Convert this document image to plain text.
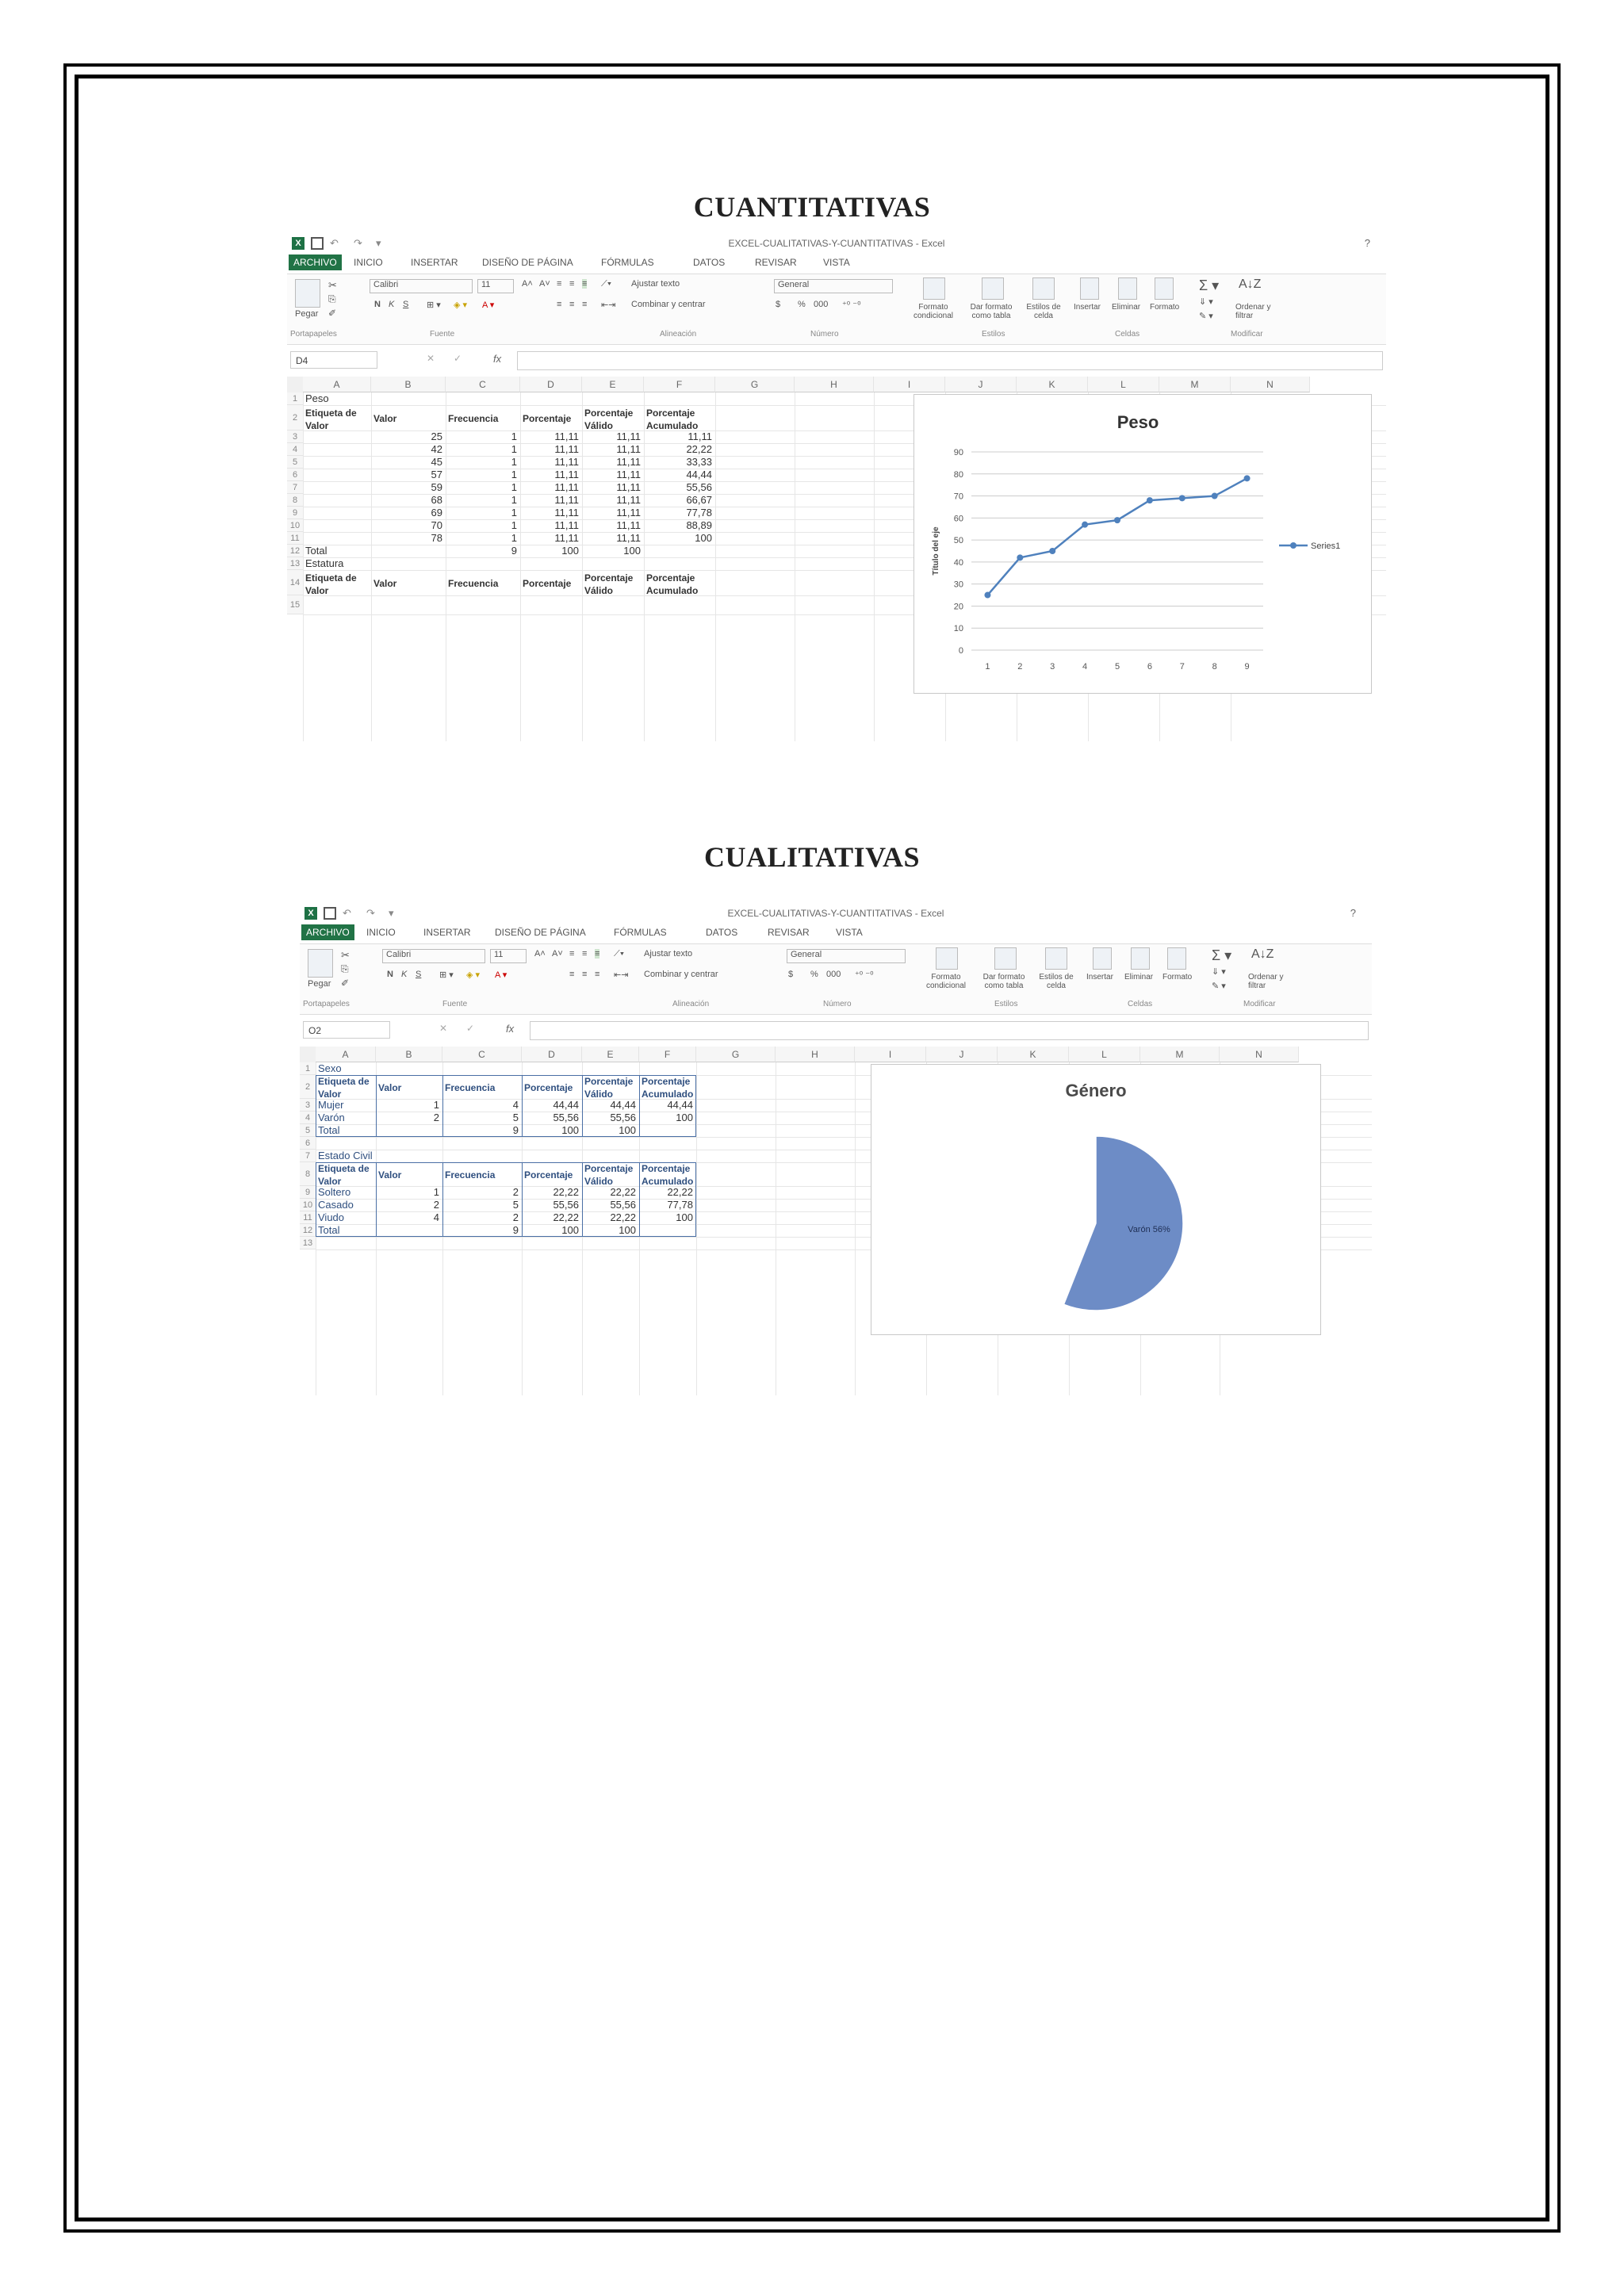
CUANTITATIVAS
CUALITATIVAS
X	↶	↷	▾	EXCEL-CUALITATIVAS-Y-CUANTITATIVAS - Excel	?
ARCHIVO	INICIO	INSERTAR	DISEÑO DE PÁGINA	FÓRMULAS	DATOS	REVISAR	VISTA
Pegar
✂
⎘
✐
Portapapeles
Calibri	11	A˄ A˅
N K S ⊞ ▾ ◈ ▾ A ▾
Fuente
≡ ≡ ≡ ⟋▾
≡ ≡ ≡ ⇤⇥
Ajustar texto
Combinar y centrar
Alineación
General
$ % 000 ⁺⁰ ⁻⁰
Número
Formato condicional
Dar formato como tabla
Estilos de celda
Estilos
Insertar Eliminar Formato
Celdas
Σ ▾
⇓ ▾
✎ ▾
A↓Z
Ordenar y filtrar
Modificar
D4	✕ ✓	fx
A	B	C	D	E	F	G	H	I	J	K	L	M	N
1
2
3
4
5
6
7
8
9
10
11
12
13
14
15
Peso
Etiqueta de Valor
Valor	Frecuencia	Porcentaje	Porcentaje Válido
Porcentaje Acumulado
25	1	11,11	11,11	11,11
42	1	11,11	11,11	22,22
45	1	11,11	11,11	33,33
57	1	11,11	11,11	44,44
59	1	11,11	11,11	55,56
68	1	11,11	11,11	66,67
69	1	11,11	11,11	77,78
70	1	11,11	11,11	88,89
78	1	11,11	11,11	100
Total	9	100	100
Estatura
Etiqueta de Valor
Valor	Frecuencia	Porcentaje	Porcentaje Válido
Porcentaje Acumulado
Peso
0
10
20
30
40
50
60
70
80
90
Título del eje
1	2	3	4	5	6	7	8	9
Series1
X	↶	↷	▾	EXCEL-CUALITATIVAS-Y-CUANTITATIVAS - Excel	?
ARCHIVO	INICIO	INSERTAR	DISEÑO DE PÁGINA	FÓRMULAS	DATOS	REVISAR	VISTA
Pegar
✂
⎘
✐
Portapapeles
Calibri	11	A˄ A˅
N K S ⊞ ▾ ◈ ▾ A ▾
Fuente
≡ ≡ ≡ ⟋▾
≡ ≡ ≡ ⇤⇥
Ajustar texto
Combinar y centrar
Alineación
General
$ % 000 ⁺⁰ ⁻⁰
Número
Formato condicional
Dar formato como tabla
Estilos de celda
Estilos
Insertar Eliminar Formato
Celdas
Σ ▾
⇓ ▾
✎ ▾
A↓Z
Ordenar y filtrar
Modificar
O2	✕ ✓	fx
A	B	C	D	E	F	G	H	I	J	K	L	M	N
1
2
3
4
5
6
7
8
9
10
11
12
13
Sexo
Etiqueta de Valor
Valor	Frecuencia	Porcentaje
Porcentaje Válido
Porcentaje Acumulado
Mujer	1	4	44,44	44,44	44,44
Varón	2	5	55,56	55,56	100
Total	9	100	100
Estado Civil
Etiqueta de Valor
Valor	Frecuencia	Porcentaje
Porcentaje Válido
Porcentaje Acumulado
Soltero	1	2	22,22	22,22	22,22
Casado	2	5	55,56	55,56	77,78
Viudo	4	2	22,22	22,22	100
Total	9	100	100
Género
Varón 56%
